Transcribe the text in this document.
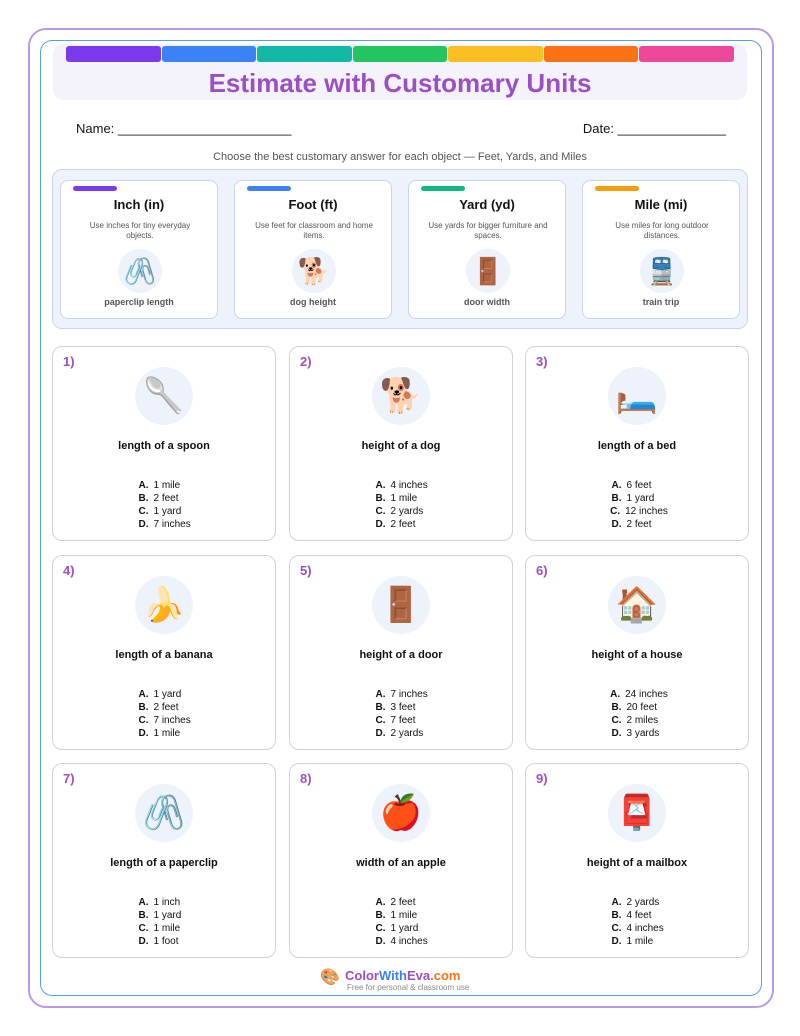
Estimate with Customary Units
Name: ________________________	Date: _______________
Choose the best customary answer for each object — Feet, Yards, and Miles
Inch (in)
Use inches for tiny everyday objects.
🖇️
paperclip length
Foot (ft)
Use feet for classroom and home items.
🐕
dog height
Yard (yd)
Use yards for bigger furniture and spaces.
🚪
door width
Mile (mi)
Use miles for long outdoor distances.
🚆
train trip
1)
🥄
length of a spoon
A. 1 mile
B. 2 feet
C. 1 yard
D. 7 inches
2)
🐕
height of a dog
A. 4 inches
B. 1 mile
C. 2 yards
D. 2 feet
3)
🛏️
length of a bed
A. 6 feet
B. 1 yard
C. 12 inches
D. 2 feet
4)
🍌
length of a banana
A. 1 yard
B. 2 feet
C. 7 inches
D. 1 mile
5)
🚪
height of a door
A. 7 inches
B. 3 feet
C. 7 feet
D. 2 yards
6)
🏠
height of a house
A. 24 inches
B. 20 feet
C. 2 miles
D. 3 yards
7)
🖇️
length of a paperclip
A. 1 inch
B. 1 yard
C. 1 mile
D. 1 foot
8)
🍎
width of an apple
A. 2 feet
B. 1 mile
C. 1 yard
D. 4 inches
9)
📮
height of a mailbox
A. 2 yards
B. 4 feet
C. 4 inches
D. 1 mile
🎨 ColorWithEva.com
Free for personal & classroom use
